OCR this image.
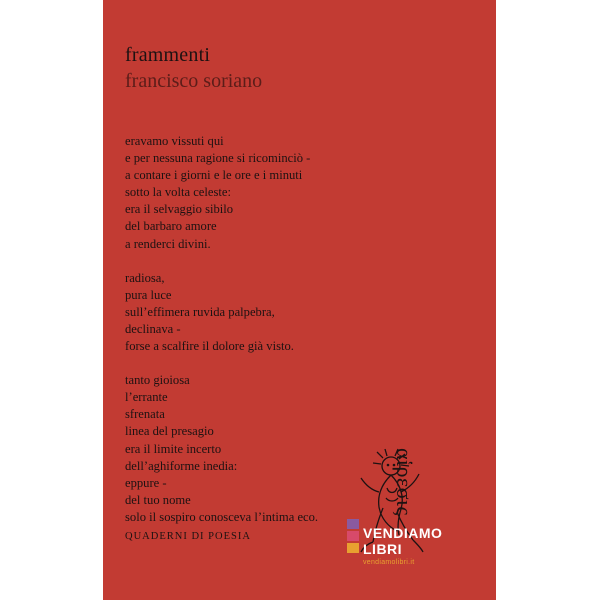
frammenti
francisco soriano
eravamo vissuti qui
e per nessuna ragione si ricominciò -
a contare i giorni e le ore e i minuti
sotto la volta celeste:
era il selvaggio sibilo
del barbaro amore
a renderci divini.
radiosa,
pura luce
sull’effimera ruvida palpebra,
declinava -
forse a scalfire il dolore già visto.
tanto gioiosa
l’errante
sfrenata
linea del presagio
era il limite incerto
dell’aghiforme inedia:
eppure -
del tuo nome
solo il sospiro conosceva l’intima eco.
QUADERNI DI POESIA
αἱρεσις
VENDIAMO
LIBRI
vendiamolibri.it
